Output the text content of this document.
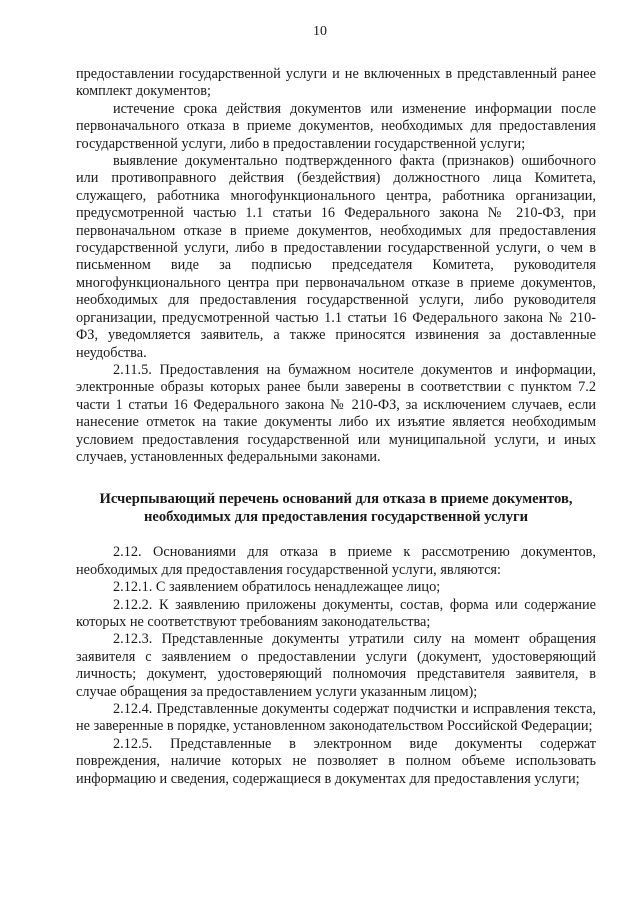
10

предоставлении государственной услуги и не включенных в представленный ранее комплект документов;

истечение срока действия документов или изменение информации после первоначального отказа в приеме документов, необходимых для предоставления государственной услуги, либо в предоставлении государственной услуги;

выявление документально подтвержденного факта (признаков) ошибочного или противоправного действия (бездействия) должностного лица Комитета, служащего, работника многофункционального центра, работника организации, предусмотренной частью 1.1 статьи 16 Федерального закона № 210-ФЗ, при первоначальном отказе в приеме документов, необходимых для предоставления государственной услуги, либо в предоставлении государственной услуги, о чем в письменном виде за подписью председателя Комитета, руководителя многофункционального центра при первоначальном отказе в приеме документов, необходимых для предоставления государственной услуги, либо руководителя организации, предусмотренной частью 1.1 статьи 16 Федерального закона № 210-ФЗ, уведомляется заявитель, а также приносятся извинения за доставленные неудобства.

2.11.5. Предоставления на бумажном носителе документов и информации, электронные образы которых ранее были заверены в соответствии с пунктом 7.2 части 1 статьи 16 Федерального закона № 210-ФЗ, за исключением случаев, если нанесение отметок на такие документы либо их изъятие является необходимым условием предоставления государственной или муниципальной услуги, и иных случаев, установленных федеральными законами.

Исчерпывающий перечень оснований для отказа в приеме документов, необходимых для предоставления государственной услуги

2.12. Основаниями для отказа в приеме к рассмотрению документов, необходимых для предоставления государственной услуги, являются:

2.12.1. С заявлением обратилось ненадлежащее лицо;

2.12.2. К заявлению приложены документы, состав, форма или содержание которых не соответствуют требованиям законодательства;

2.12.3. Представленные документы утратили силу на момент обращения заявителя с заявлением о предоставлении услуги (документ, удостоверяющий личность; документ, удостоверяющий полномочия представителя заявителя, в случае обращения за предоставлением услуги указанным лицом);

2.12.4. Представленные документы содержат подчистки и исправления текста, не заверенные в порядке, установленном законодательством Российской Федерации;

2.12.5. Представленные в электронном виде документы содержат повреждения, наличие которых не позволяет в полном объеме использовать информацию и сведения, содержащиеся в документах для предоставления услуги;
